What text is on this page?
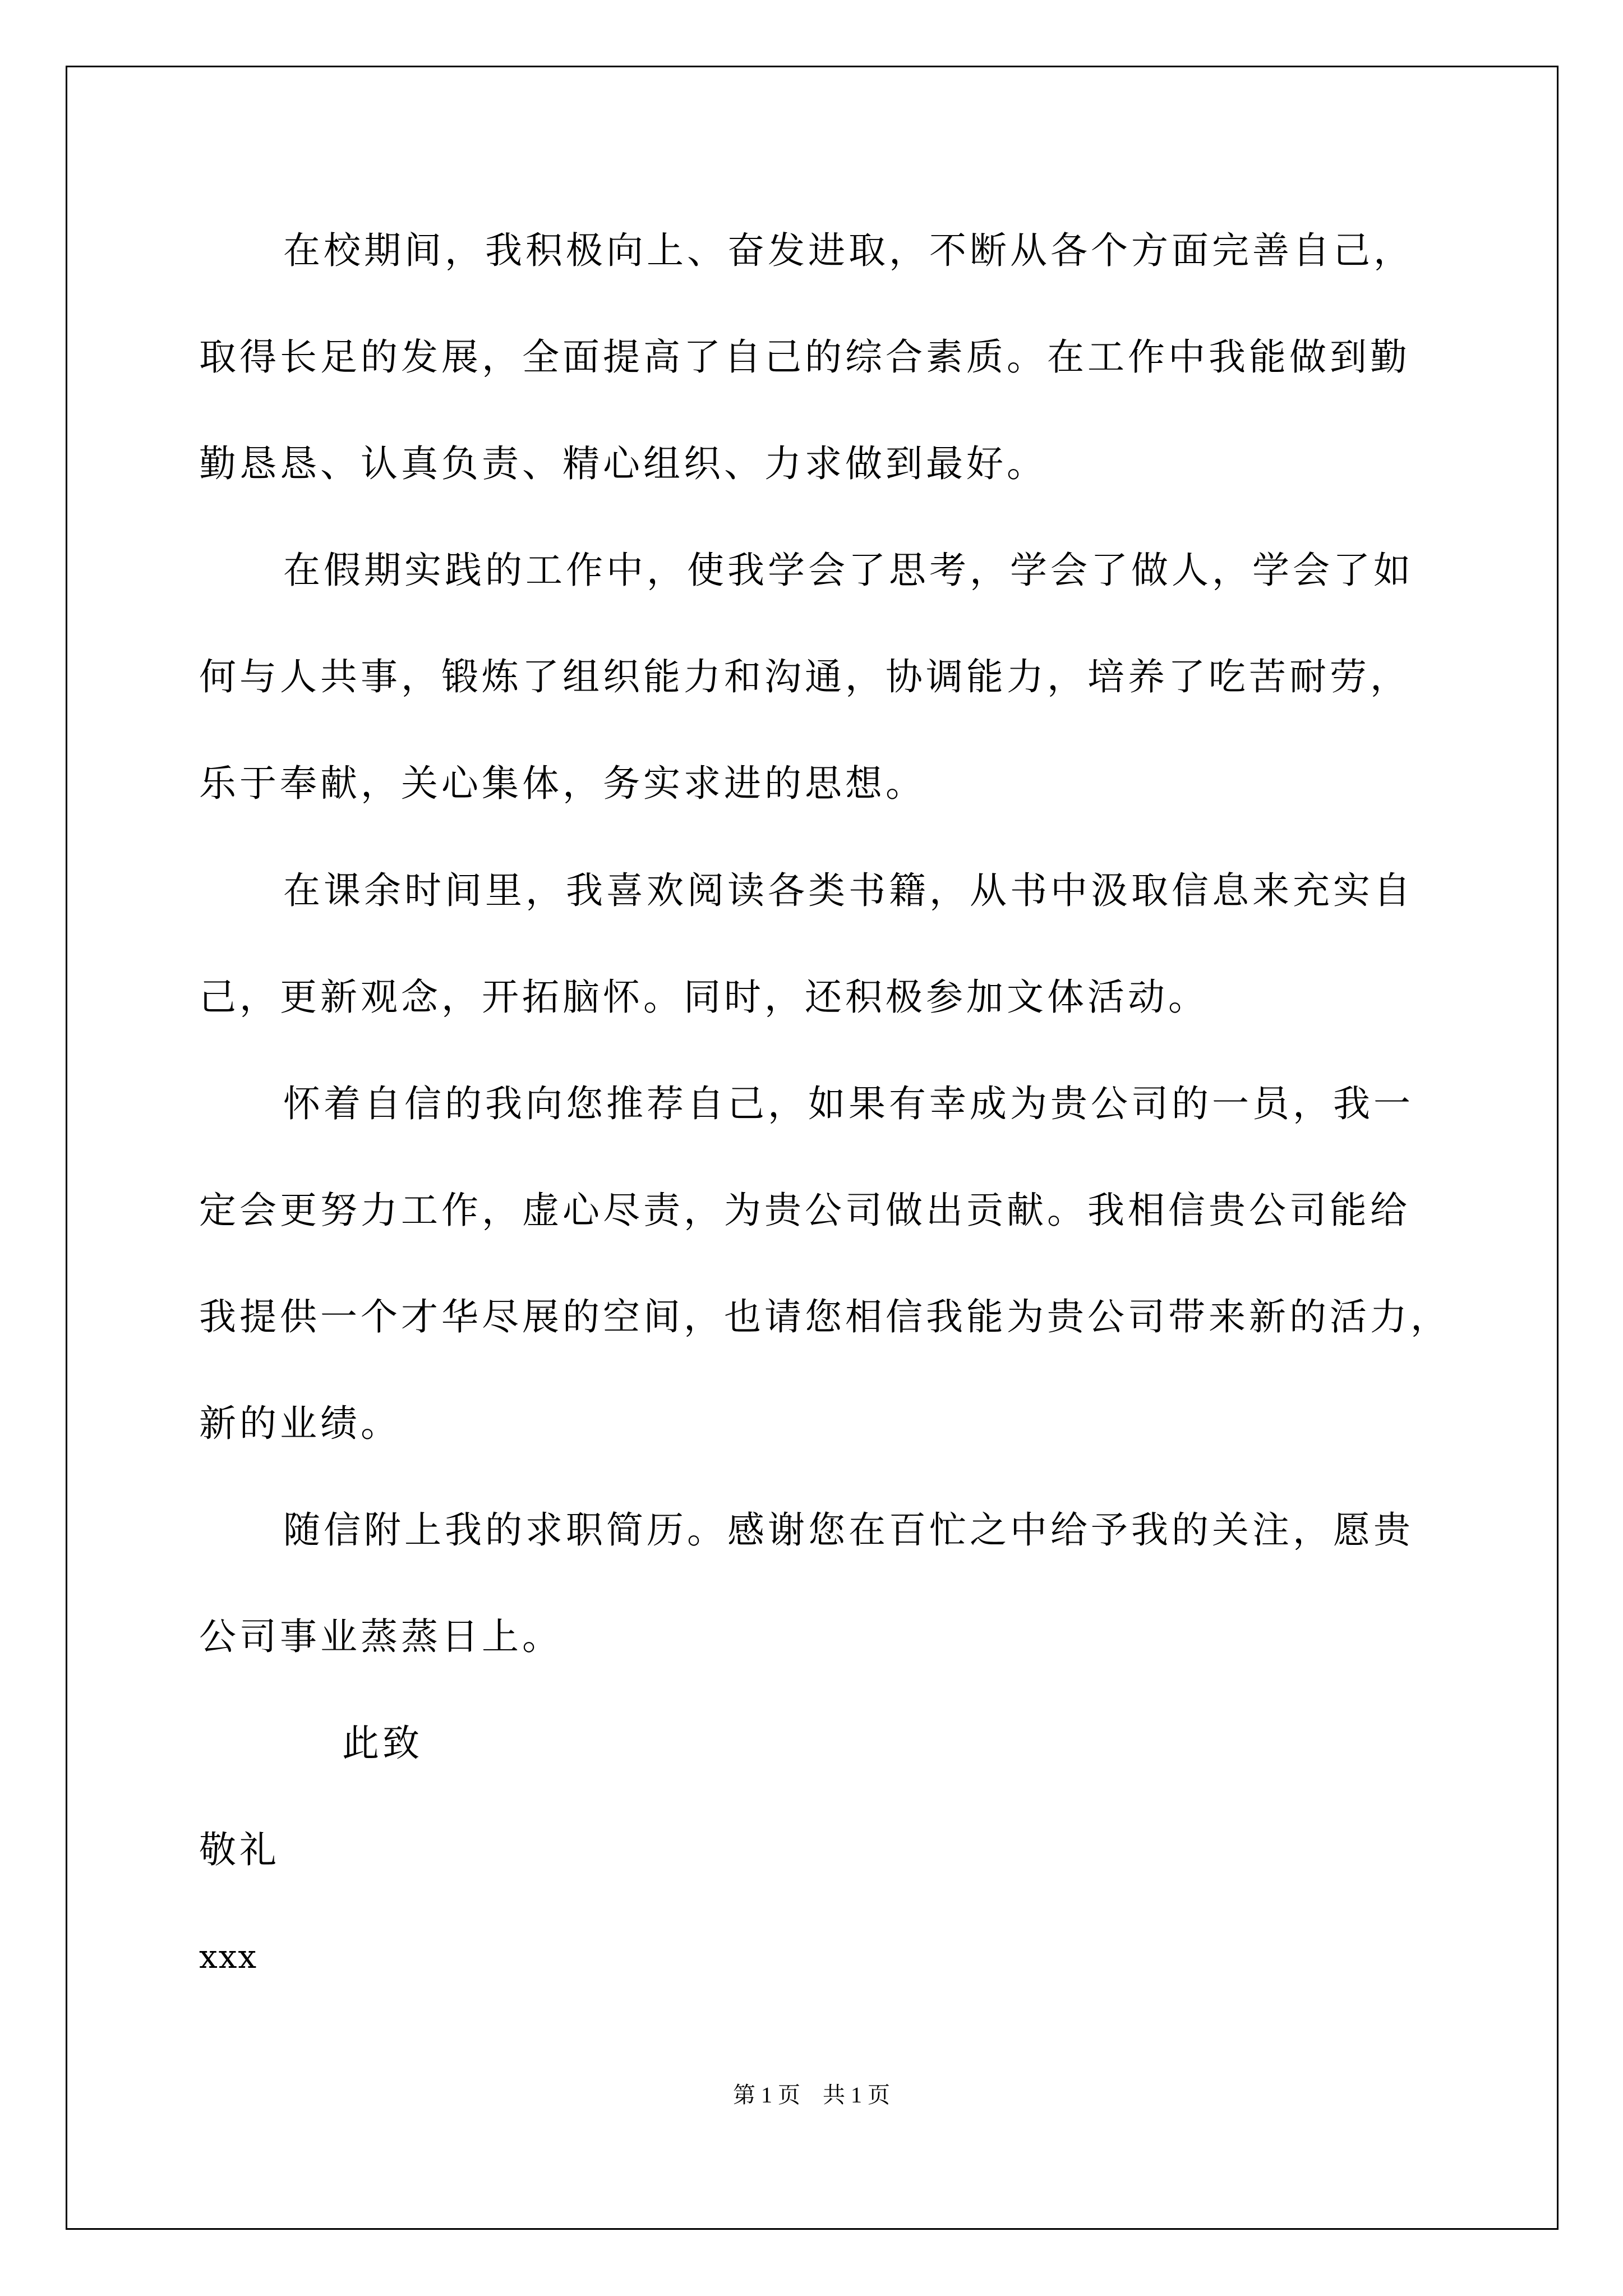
在校期间，我积极向上、奋发进取，不断从各个方面完善自己，
取得长足的发展，全面提高了自己的综合素质。在工作中我能做到勤
勤恳恳、认真负责、精心组织、力求做到最好。
在假期实践的工作中，使我学会了思考，学会了做人，学会了如
何与人共事，锻炼了组织能力和沟通，协调能力，培养了吃苦耐劳，
乐于奉献，关心集体，务实求进的思想。
在课余时间里，我喜欢阅读各类书籍，从书中汲取信息来充实自
己，更新观念，开拓脑怀。同时，还积极参加文体活动。
怀着自信的我向您推荐自己，如果有幸成为贵公司的一员，我一
定会更努力工作，虚心尽责，为贵公司做出贡献。我相信贵公司能给
我提供一个才华尽展的空间，也请您相信我能为贵公司带来新的活力，
新的业绩。
随信附上我的求职简历。感谢您在百忙之中给予我的关注，愿贵
公司事业蒸蒸日上。
此致
敬礼
xxx
第 1 页　共 1 页
